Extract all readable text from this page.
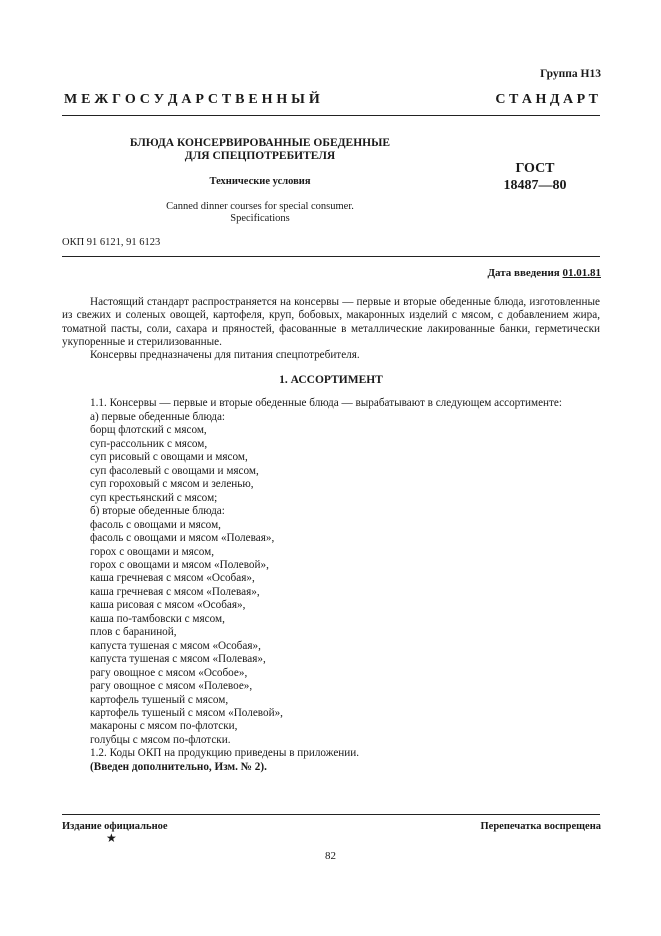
Группа Н13
М Е Ж Г О С У Д А Р С Т В Е Н Н Ы Й	С Т А Н Д А Р Т
БЛЮДА КОНСЕРВИРОВАННЫЕ ОБЕДЕННЫЕ
ДЛЯ СПЕЦПОТРЕБИТЕЛЯ
Технические условия
Canned dinner courses for special consumer.
Specifications
ГОСТ
18487—80
ОКП 91 6121, 91 6123
Дата введения 01.01.81

Настоящий стандарт распространяется на консервы — первые и вторые обеденные блюда, изготовленные из свежих и соленых овощей, картофеля, круп, бобовых, макаронных изделий с мясом, с добавлением жира, томатной пасты, соли, сахара и пряностей, фасованные в металлические лакированные банки, герметически укупоренные и стерилизованные.

Консервы предназначены для питания спецпотребителя.

1. АССОРТИМЕНТ

1.1. Консервы — первые и вторые обеденные блюда — вырабатывают в следующем ассортименте:

а) первые обеденные блюда:
борщ флотский с мясом,
суп-рассольник с мясом,
суп рисовый с овощами и мясом,
суп фасолевый с овощами и мясом,
суп гороховый с мясом и зеленью,
суп крестьянский с мясом;
б) вторые обеденные блюда:
фасоль с овощами и мясом,
фасоль с овощами и мясом «Полевая»,
горох с овощами и мясом,
горох с овощами и мясом «Полевой»,
каша гречневая с мясом «Особая»,
каша гречневая с мясом «Полевая»,
каша рисовая с мясом «Особая»,
каша по-тамбовски с мясом,
плов с бараниной,
капуста тушеная с мясом «Особая»,
капуста тушеная с мясом «Полевая»,
рагу овощное с мясом «Особое»,
рагу овощное с мясом «Полевое»,
картофель тушеный с мясом,
картофель тушеный с мясом «Полевой»,
макароны с мясом по-флотски,
голубцы с мясом по-флотски.
1.2. Коды ОКП на продукцию приведены в приложении.
(Введен дополнительно, Изм. № 2).
Издание официальное	Перепечатка воспрещена
★
82
